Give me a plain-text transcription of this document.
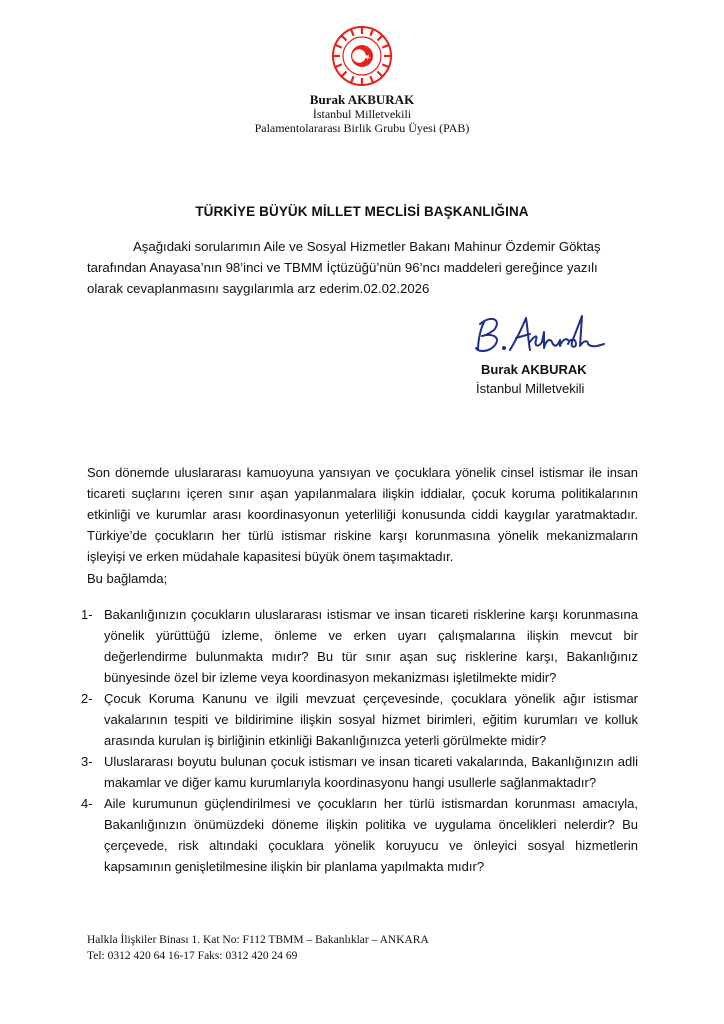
Burak AKBURAK
İstanbul Milletvekili
Palamentolararası Birlik Grubu Üyesi (PAB)
TÜRKİYE BÜYÜK MİLLET MECLİSİ BAŞKANLIĞINA
Aşağıdaki sorularımın Aile ve Sosyal Hizmetler Bakanı Mahinur Özdemir Göktaş
tarafından Anayasa’nın 98’inci ve TBMM İçtüzüğü’nün 96’ncı maddeleri gereğince yazılı
olarak cevaplanmasını saygılarımla arz ederim.02.02.2026
Burak AKBURAK
İstanbul Milletvekili
Son dönemde uluslararası kamuoyuna yansıyan ve çocuklara yönelik cinsel istismar ile insan
ticareti suçlarını içeren sınır aşan yapılanmalara ilişkin iddialar, çocuk koruma politikalarının
etkinliği ve kurumlar arası koordinasyonun yeterliliği konusunda ciddi kaygılar yaratmaktadır.
Türkiye’de çocukların her türlü istismar riskine karşı korunmasına yönelik mekanizmaların
işleyişi ve erken müdahale kapasitesi büyük önem taşımaktadır.
Bu bağlamda;
1- Bakanlığınızın çocukların uluslararası istismar ve insan ticareti risklerine karşı korunmasına
yönelik yürüttüğü izleme, önleme ve erken uyarı çalışmalarına ilişkin mevcut bir
değerlendirme bulunmakta mıdır? Bu tür sınır aşan suç risklerine karşı, Bakanlığınız
bünyesinde özel bir izleme veya koordinasyon mekanizması işletilmekte midir?
2- Çocuk Koruma Kanunu ve ilgili mevzuat çerçevesinde, çocuklara yönelik ağır istismar
vakalarının tespiti ve bildirimine ilişkin sosyal hizmet birimleri, eğitim kurumları ve kolluk
arasında kurulan iş birliğinin etkinliği Bakanlığınızca yeterli görülmekte midir?
3- Uluslararası boyutu bulunan çocuk istismarı ve insan ticareti vakalarında, Bakanlığınızın adli
makamlar ve diğer kamu kurumlarıyla koordinasyonu hangi usullerle sağlanmaktadır?
4- Aile kurumunun güçlendirilmesi ve çocukların her türlü istismardan korunması amacıyla,
Bakanlığınızın önümüzdeki döneme ilişkin politika ve uygulama öncelikleri nelerdir? Bu
çerçevede, risk altındaki çocuklara yönelik koruyucu ve önleyici sosyal hizmetlerin
kapsamının genişletilmesine ilişkin bir planlama yapılmakta mıdır?
Halkla İlişkiler Binası 1. Kat No: F112 TBMM – Bakanlıklar – ANKARA
Tel: 0312 420 64 16-17 Faks: 0312 420 24 69
